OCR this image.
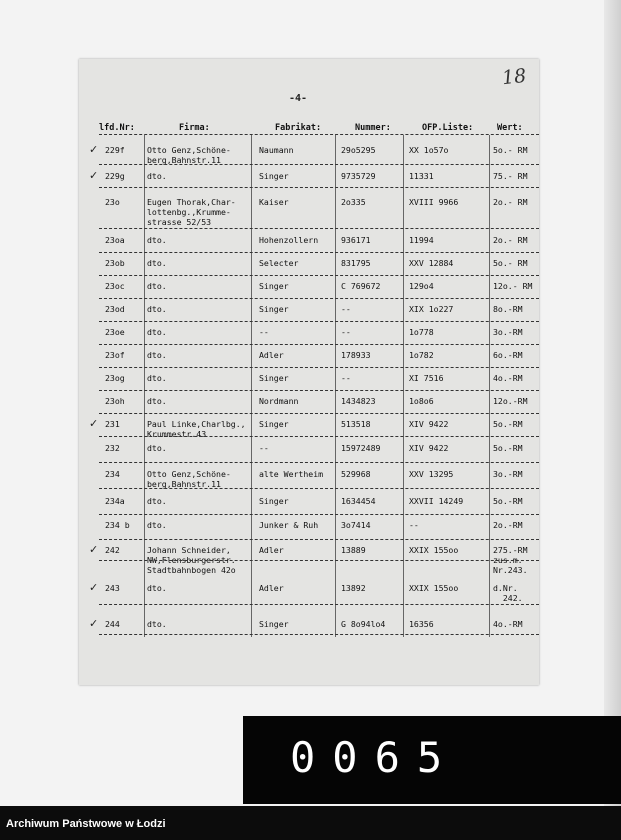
-4-
18
lfd.Nr:	Firma:	Fabrikat:	Nummer:	OFP.Liste:	Wert:
✓ 229f	Otto Genz,Schöne-
berg,Bahnstr.11
Naumann	29o5295	XX 1o57o	5o.- RM
✓ 229g	dto.	Singer	9735729	11331	75.- RM
23o	Eugen Thorak,Char-
lottenbg.,Krumme-
strasse 52/53
Kaiser	2o335	XVIII 9966	2o.- RM
23oa	dto.	Hohenzollern	936171	11994	2o.- RM
23ob	dto.	Selecter	831795	XXV 12884	5o.- RM
23oc	dto.	Singer	C 769672	129o4	12o.- RM
23od	dto.	Singer	--	XIX 1o227	8o.-RM
23oe	dto.	--	--	1o778	3o.-RM
23of	dto.	Adler	178933	1o782	6o.-RM
23og	dto.	Singer	--	XI 7516	4o.-RM
23oh	dto.	Nordmann	1434823	1o8o6	12o.-RM
✓ 231	Paul Linke,Charlbg.,
Krummestr.43
Singer	513518	XIV 9422	5o.-RM
232	dto.	--	15972489	XIV 9422	5o.-RM
234	Otto Genz,Schöne-
berg,Bahnstr.11
alte Wertheim 529968	XXV 13295	3o.-RM
234a	dto.	Singer	1634454	XXVII 14249	5o.-RM
234 b dto.	Junker & Ruh	3o7414	--	2o.-RM
✓ 242	Johann Schneider,
NW,Flensburgerstr.
Stadtbahnbogen 42o
Adler	13889	XXIX 155oo	275.-RM
zus.m.
Nr.243.
✓ 243	dto.	Adler	13892	XXIX 155oo	d.Nr.
242.
✓ 244	dto.	Singer	G 8o94lo4	16356	4o.-RM
0065
Archiwum Państwowe w Łodzi
